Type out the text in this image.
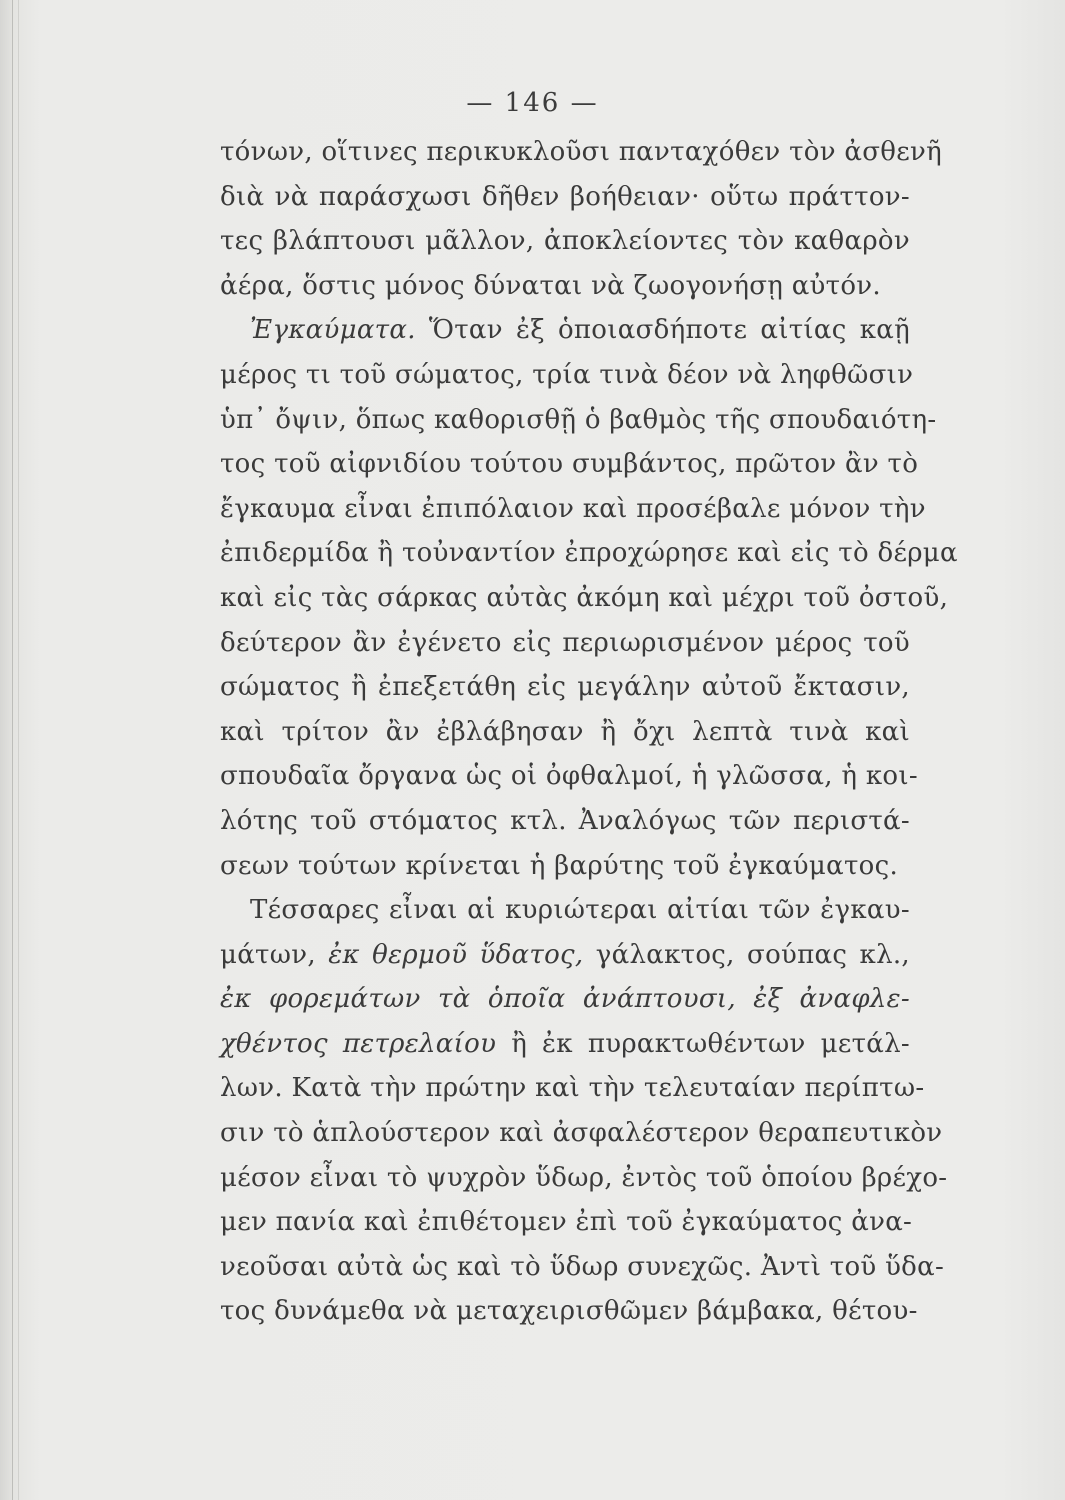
— 146 —
τόνων, οἵτινες περικυκλοῦσι πανταχόθεν τὸν ἀσθενῆ
διὰ νὰ παράσχωσι δῆθεν βοήθειαν· οὕτω πράττον-
τες βλάπτουσι μᾶλλον, ἀποκλείοντες τὸν καθαρὸν
ἀέρα, ὅστις μόνος δύναται νὰ ζωογονήσῃ αὐτόν.
Ἐγκαύματα. Ὅταν ἐξ ὁποιασδήποτε αἰτίας καῇ
μέρος τι τοῦ σώματος, τρία τινὰ δέον νὰ ληφθῶσιν
ὑπ᾽ ὄψιν, ὅπως καθορισθῇ ὁ βαθμὸς τῆς σπουδαιότη-
τος τοῦ αἰφνιδίου τούτου συμβάντος, πρῶτον ἂν τὸ
ἔγκαυμα εἶναι ἐπιπόλαιον καὶ προσέβαλε μόνον τὴν
ἐπιδερμίδα ἢ τοὐναντίον ἐπροχώρησε καὶ εἰς τὸ δέρμα
καὶ εἰς τὰς σάρκας αὐτὰς ἀκόμη καὶ μέχρι τοῦ ὀστοῦ,
δεύτερον ἂν ἐγένετο εἰς περιωρισμένον μέρος τοῦ
σώματος ἢ ἐπεξετάθη εἰς μεγάλην αὐτοῦ ἔκτασιν,
καὶ τρίτον ἂν ἐβλάβησαν ἢ ὄχι λεπτὰ τινὰ καὶ
σπουδαῖα ὄργανα ὡς οἱ ὀφθαλμοί, ἡ γλῶσσα, ἡ κοι-
λότης τοῦ στόματος κτλ. Ἀναλόγως τῶν περιστά-
σεων τούτων κρίνεται ἡ βαρύτης τοῦ ἐγκαύματος.
Τέσσαρες εἶναι αἱ κυριώτεραι αἰτίαι τῶν ἐγκαυ-
μάτων, ἐκ θερμοῦ ὕδατος, γάλακτος, σούπας κλ.,
ἐκ φορεμάτων τὰ ὁποῖα ἀνάπτουσι, ἐξ ἀναφλε-
χθέντος πετρελαίου ἢ ἐκ πυρακτωθέντων μετάλ-
λων. Κατὰ τὴν πρώτην καὶ τὴν τελευταίαν περίπτω-
σιν τὸ ἁπλούστερον καὶ ἀσφαλέστερον θεραπευτικὸν
μέσον εἶναι τὸ ψυχρὸν ὕδωρ, ἐντὸς τοῦ ὁποίου βρέχο-
μεν πανία καὶ ἐπιθέτομεν ἐπὶ τοῦ ἐγκαύματος ἀνα-
νεοῦσαι αὐτὰ ὡς καὶ τὸ ὕδωρ συνεχῶς. Ἀντὶ τοῦ ὕδα-
τος δυνάμεθα νὰ μεταχειρισθῶμεν βάμβακα, θέτου-
